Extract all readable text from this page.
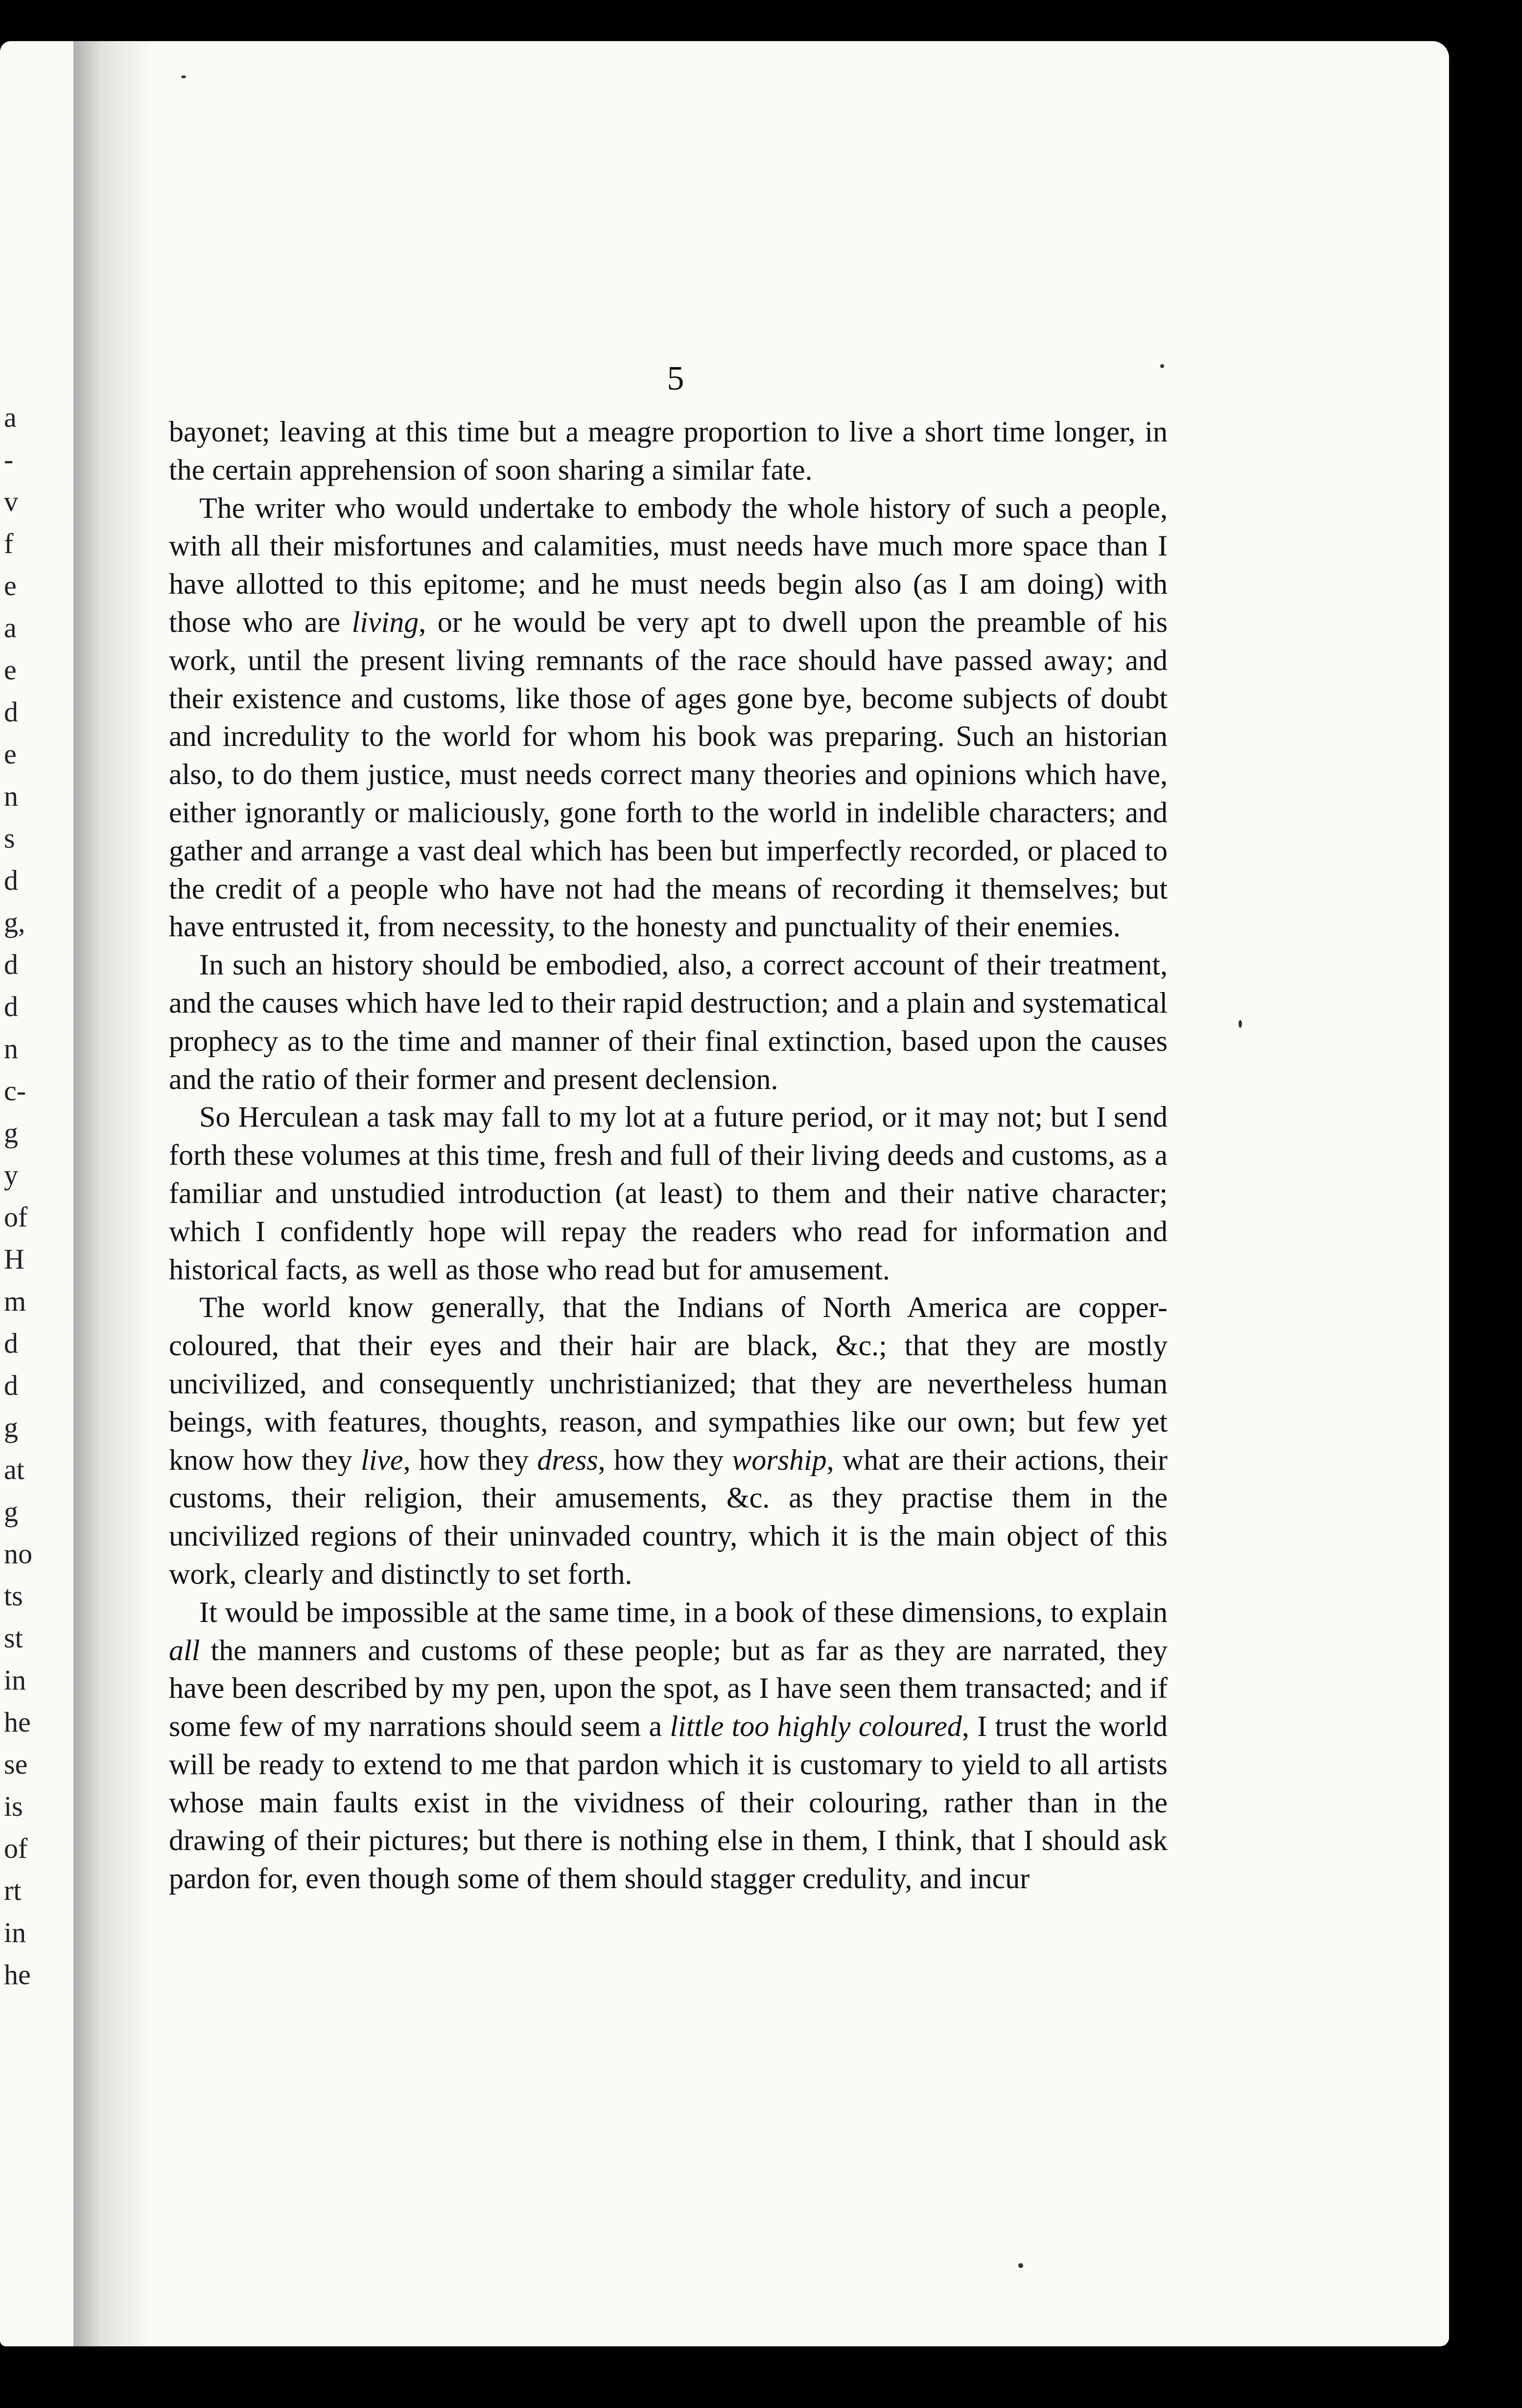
a
-
v
f
e
a
e
d
e
n
s
d
g,
d
d
n
c-
g
y
of
H
m
d
d
g
at
g
no
ts
st
in
he
se
is
of
rt
in
he
5

bayonet; leaving at this time but a meagre proportion to live a short time longer, in the certain apprehension of soon sharing a similar fate.

The writer who would undertake to embody the whole history of such a people, with all their misfortunes and calamities, must needs have much more space than I have allotted to this epitome; and he must needs begin also (as I am doing) with those who are living, or he would be very apt to dwell upon the preamble of his work, until the present living remnants of the race should have passed away; and their existence and customs, like those of ages gone bye, become subjects of doubt and incredulity to the world for whom his book was preparing. Such an historian also, to do them justice, must needs correct many theories and opinions which have, either ignorantly or maliciously, gone forth to the world in indelible characters; and gather and arrange a vast deal which has been but imperfectly recorded, or placed to the credit of a people who have not had the means of recording it themselves; but have entrusted it, from necessity, to the honesty and punctuality of their enemies.

In such an history should be embodied, also, a correct account of their treatment, and the causes which have led to their rapid destruction; and a plain and systematical prophecy as to the time and manner of their final extinction, based upon the causes and the ratio of their former and present declension.

So Herculean a task may fall to my lot at a future period, or it may not; but I send forth these volumes at this time, fresh and full of their living deeds and customs, as a familiar and unstudied introduction (at least) to them and their native character; which I confidently hope will repay the readers who read for information and historical facts, as well as those who read but for amusement.

The world know generally, that the Indians of North America are copper-coloured, that their eyes and their hair are black, &c.; that they are mostly uncivilized, and consequently unchristianized; that they are nevertheless human beings, with features, thoughts, reason, and sympathies like our own; but few yet know how they live, how they dress, how they worship, what are their actions, their customs, their religion, their amusements, &c. as they practise them in the uncivilized regions of their uninvaded country, which it is the main object of this work, clearly and distinctly to set forth.

It would be impossible at the same time, in a book of these dimensions, to explain all the manners and customs of these people; but as far as they are narrated, they have been described by my pen, upon the spot, as I have seen them transacted; and if some few of my narrations should seem a little too highly coloured, I trust the world will be ready to extend to me that pardon which it is customary to yield to all artists whose main faults exist in the vividness of their colouring, rather than in the drawing of their pictures; but there is nothing else in them, I think, that I should ask pardon for, even though some of them should stagger credulity, and incur
